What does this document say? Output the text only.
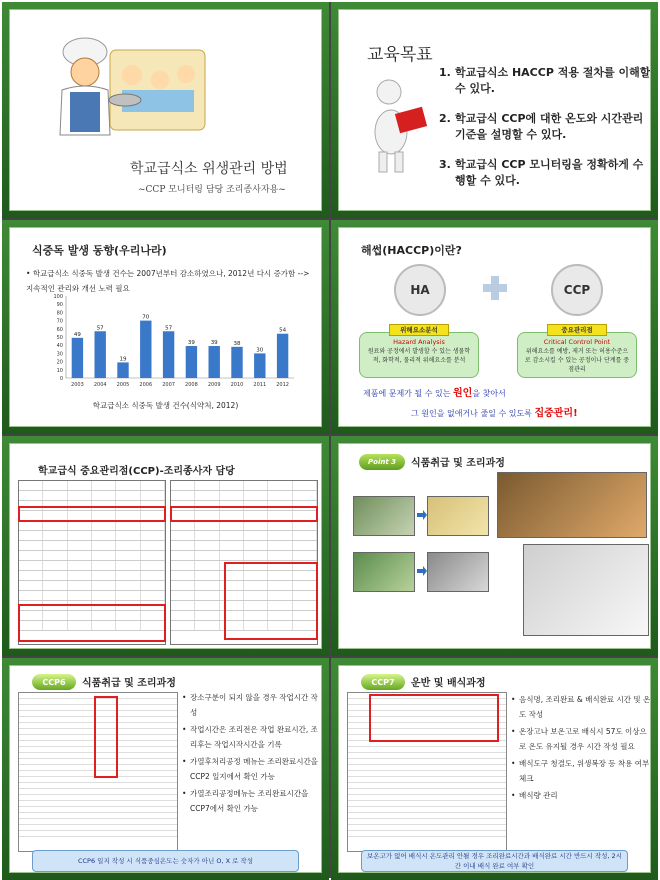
학교급식소 위생관리 방법
~CCP 모니터링 담당 조리종사자용~
교육목표
1. 학교급식소 HACCP 적용 절차를 이해할 수 있다.
2. 학교급식 CCP에 대한 온도와 시간관리 기준을 설명할 수 있다.
3. 학교급식 CCP 모니터링을 정확하게 수행할 수 있다.
식중독 발생 동향(우리나라)
• 학교급식소 식중독 발생 건수는 2007년부터 감소하였으나, 2012년 다시 증가함 --> 지속적인 관리와 개선 노력 필요
0
10
20
30
40
50
60
70
80
90
100
49
2003
57
2004
19
2005
70
2006
57
2007
39
2008
39
2009
38
2010
30
2011
54
2012
학교급식소 식중독 발생 건수(식약처, 2012)
해썹(HACCP)이란?
HA	CCP
Hazard Analysis
원료와 공정에서 발생할 수 있는 생물학적, 화학적, 물리적 위해요소를 분석
위해요소분석
Critical Control Point
위해요소를 예방, 제거 또는 허용수준으로 감소시킬 수 있는 공정이나 단계를 중점관리
중요관리점
제품에 문제가 될 수 있는 원인을 찾아서
그 원인을 없애거나 줄일 수 있도록 집중관리!
학교급식 중요관리점(CCP)-조리종사자 담당
Point 3	식품취급 및 조리과정
CCP6	식품취급 및 조리과정
• 장소구분이 되지 않을 경우 작업시간 작성
• 작업시간은 조리전은 작업 완료시간, 조리후는 작업시작시간을 기록
• 가열후처리공정 메뉴는 조리완료시간을 CCP2 일지에서 확인 가능
• 가열조리공정메뉴는 조리완료시간을 CCP7에서 확인 가능
CCP6 일지 작성 시 식품중심온도는 숫자가 아닌 O, X 로 작성
CCP7	운반 및 배식과정
• 음식명, 조리완료 & 배식완료 시간 및 온도 작성
• 온장고나 보온고로 배식시 57도 이상으로 온도 유지될 경우 시간 작성 필요
• 배식도구 청결도, 위생복장 등 착용 여부 체크
• 배식량 관리
보온고가 없어 배식시 온도관리 안될 경우 조리완료시간과 배식완료 시간 반드시 작성, 2시간 이내 배식 완료 여부 확인
